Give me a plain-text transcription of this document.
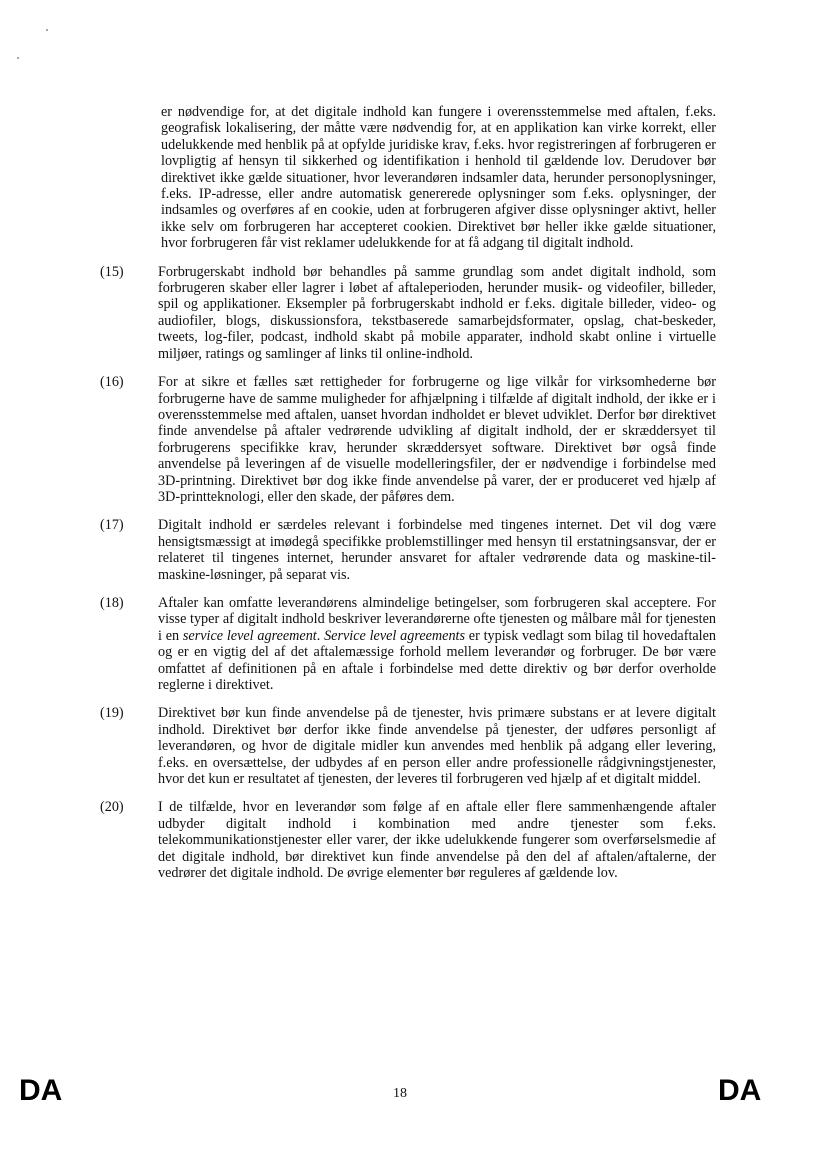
er nødvendige for, at det digitale indhold kan fungere i overensstemmelse med aftalen, f.eks. geografisk lokalisering, der måtte være nødvendig for, at en applikation kan virke korrekt, eller udelukkende med henblik på at opfylde juridiske krav, f.eks. hvor registreringen af forbrugeren er lovpligtig af hensyn til sikkerhed og identifikation i henhold til gældende lov. Derudover bør direktivet ikke gælde situationer, hvor leverandøren indsamler data, herunder personoplysninger, f.eks. IP-adresse, eller andre automatisk genererede oplysninger som f.eks. oplysninger, der indsamles og overføres af en cookie, uden at forbrugeren afgiver disse oplysninger aktivt, heller ikke selv om forbrugeren har accepteret cookien. Direktivet bør heller ikke gælde situationer, hvor forbrugeren får vist reklamer udelukkende for at få adgang til digitalt indhold.

(15)	Forbrugerskabt indhold bør behandles på samme grundlag som andet digitalt indhold, som forbrugeren skaber eller lagrer i løbet af aftaleperioden, herunder musik- og videofiler, billeder, spil og applikationer. Eksempler på forbrugerskabt indhold er f.eks. digitale billeder, video- og audiofiler, blogs, diskussionsfora, tekstbaserede samarbejdsformater, opslag, chat-beskeder, tweets, log-filer, podcast, indhold skabt på mobile apparater, indhold skabt online i virtuelle miljøer, ratings og samlinger af links til online-indhold.

(16)	For at sikre et fælles sæt rettigheder for forbrugerne og lige vilkår for virksomhederne bør forbrugerne have de samme muligheder for afhjælpning i tilfælde af digitalt indhold, der ikke er i overensstemmelse med aftalen, uanset hvordan indholdet er blevet udviklet. Derfor bør direktivet finde anvendelse på aftaler vedrørende udvikling af digitalt indhold, der er skræddersyet til forbrugerens specifikke krav, herunder skræddersyet software. Direktivet bør også finde anvendelse på leveringen af de visuelle modelleringsfiler, der er nødvendige i forbindelse med 3D-printning. Direktivet bør dog ikke finde anvendelse på varer, der er produceret ved hjælp af 3D-printteknologi, eller den skade, der påføres dem.

(17)	Digitalt indhold er særdeles relevant i forbindelse med tingenes internet. Det vil dog være hensigtsmæssigt at imødegå specifikke problemstillinger med hensyn til erstatningsansvar, der er relateret til tingenes internet, herunder ansvaret for aftaler vedrørende data og maskine-til-maskine-løsninger, på separat vis.

(18)	Aftaler kan omfatte leverandørens almindelige betingelser, som forbrugeren skal acceptere. For visse typer af digitalt indhold beskriver leverandørerne ofte tjenesten og målbare mål for tjenesten i en service level agreement. Service level agreements er typisk vedlagt som bilag til hovedaftalen og er en vigtig del af det aftalemæssige forhold mellem leverandør og forbruger. De bør være omfattet af definitionen på en aftale i forbindelse med dette direktiv og bør derfor overholde reglerne i direktivet.

(19)	Direktivet bør kun finde anvendelse på de tjenester, hvis primære substans er at levere digitalt indhold. Direktivet bør derfor ikke finde anvendelse på tjenester, der udføres personligt af leverandøren, og hvor de digitale midler kun anvendes med henblik på adgang eller levering, f.eks. en oversættelse, der udbydes af en person eller andre professionelle rådgivningstjenester, hvor det kun er resultatet af tjenesten, der leveres til forbrugeren ved hjælp af et digitalt middel.

(20)	I de tilfælde, hvor en leverandør som følge af en aftale eller flere sammenhængende aftaler udbyder digitalt indhold i kombination med andre tjenester som f.eks. telekommunikationstjenester eller varer, der ikke udelukkende fungerer som overførselsmedie af det digitale indhold, bør direktivet kun finde anvendelse på den del af aftalen/aftalerne, der vedrører det digitale indhold. De øvrige elementer bør reguleres af gældende lov.

DA	18	DA
